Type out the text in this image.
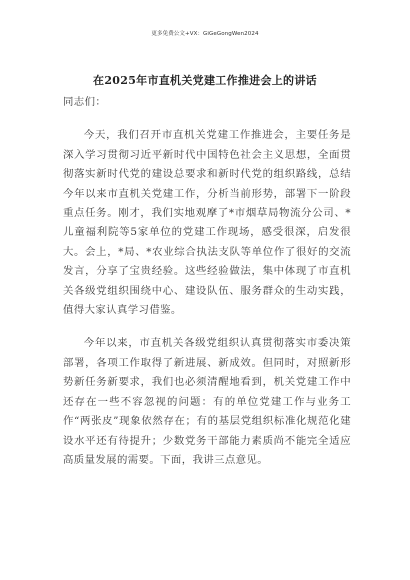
更多免费公文+VX：GiGeGongWen2024
在2025年市直机关党建工作推进会上的讲话

同志们：

今天，我们召开市直机关党建工作推进会，主要任务是深入学习贯彻习近平新时代中国特色社会主义思想，全面贯彻落实新时代党的建设总要求和新时代党的组织路线，总结今年以来市直机关党建工作，分析当前形势，部署下一阶段重点任务。刚才，我们实地观摩了*市烟草局物流分公司、*儿童福利院等5家单位的党建工作现场，感受很深，启发很大。会上，*局、*农业综合执法支队等单位作了很好的交流发言，分享了宝贵经验。这些经验做法，集中体现了市直机关各级党组织围绕中心、建设队伍、服务群众的生动实践，值得大家认真学习借鉴。

今年以来，市直机关各级党组织认真贯彻落实市委决策部署，各项工作取得了新进展、新成效。但同时，对照新形势新任务新要求，我们也必须清醒地看到，机关党建工作中还存在一些不容忽视的问题：有的单位党建工作与业务工作“两张皮”现象依然存在；有的基层党组织标准化规范化建设水平还有待提升；少数党务干部能力素质尚不能完全适应高质量发展的需要。下面，我讲三点意见。
